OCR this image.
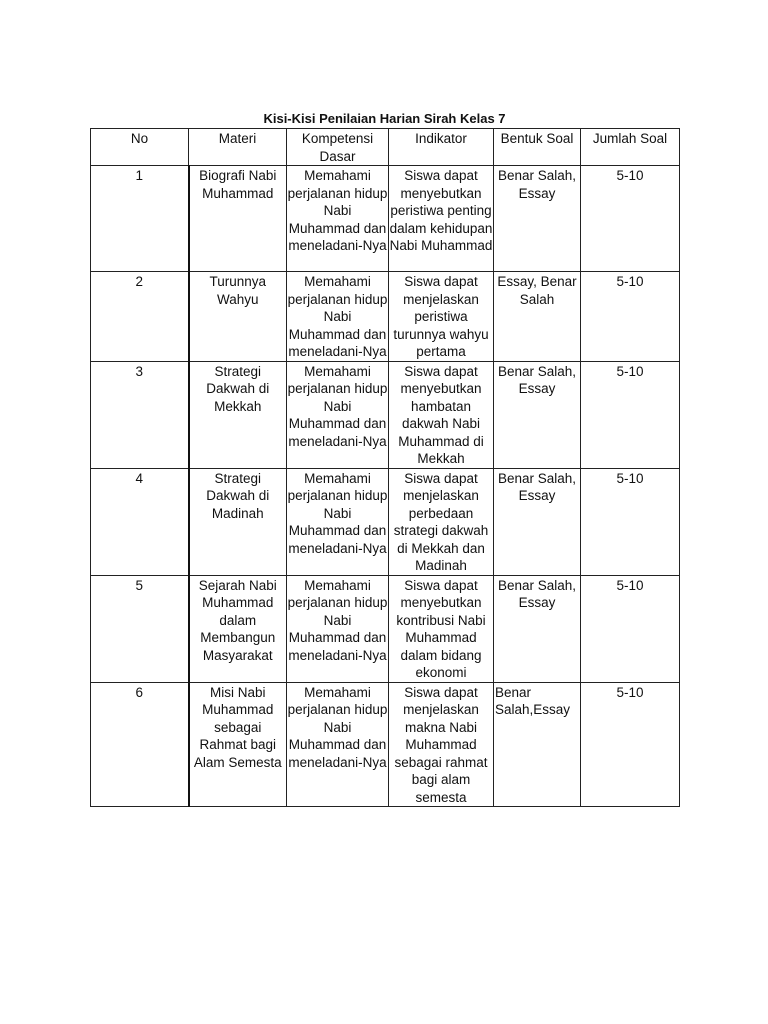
Kisi-Kisi Penilaian Harian Sirah Kelas 7
No	Materi	Kompetensi Dasar	Indikator	Bentuk Soal	Jumlah Soal
1	Biografi Nabi Muhammad	Memahami perjalanan hidup Nabi Muhammad dan meneladani-Nya	Siswa dapat menyebutkan peristiwa penting dalam kehidupan Nabi Muhammad	Benar Salah, Essay	5-10
2	Turunnya Wahyu	Memahami perjalanan hidup Nabi Muhammad dan meneladani-Nya	Siswa dapat menjelaskan peristiwa turunnya wahyu pertama	Essay, Benar Salah	5-10
3	Strategi Dakwah di Mekkah	Memahami perjalanan hidup Nabi Muhammad dan meneladani-Nya	Siswa dapat menyebutkan hambatan dakwah Nabi Muhammad di Mekkah	Benar Salah, Essay	5-10
4	Strategi Dakwah di Madinah	Memahami perjalanan hidup Nabi Muhammad dan meneladani-Nya	Siswa dapat menjelaskan perbedaan strategi dakwah di Mekkah dan Madinah	Benar Salah, Essay	5-10
5	Sejarah Nabi Muhammad dalam Membangun Masyarakat	Memahami perjalanan hidup Nabi Muhammad dan meneladani-Nya	Siswa dapat menyebutkan kontribusi Nabi Muhammad dalam bidang ekonomi	Benar Salah, Essay	5-10
6	Misi Nabi Muhammad sebagai Rahmat bagi Alam Semesta	Memahami perjalanan hidup Nabi Muhammad dan meneladani-Nya	Siswa dapat menjelaskan makna Nabi Muhammad sebagai rahmat bagi alam semesta	Benar Salah,Essay	5-10
